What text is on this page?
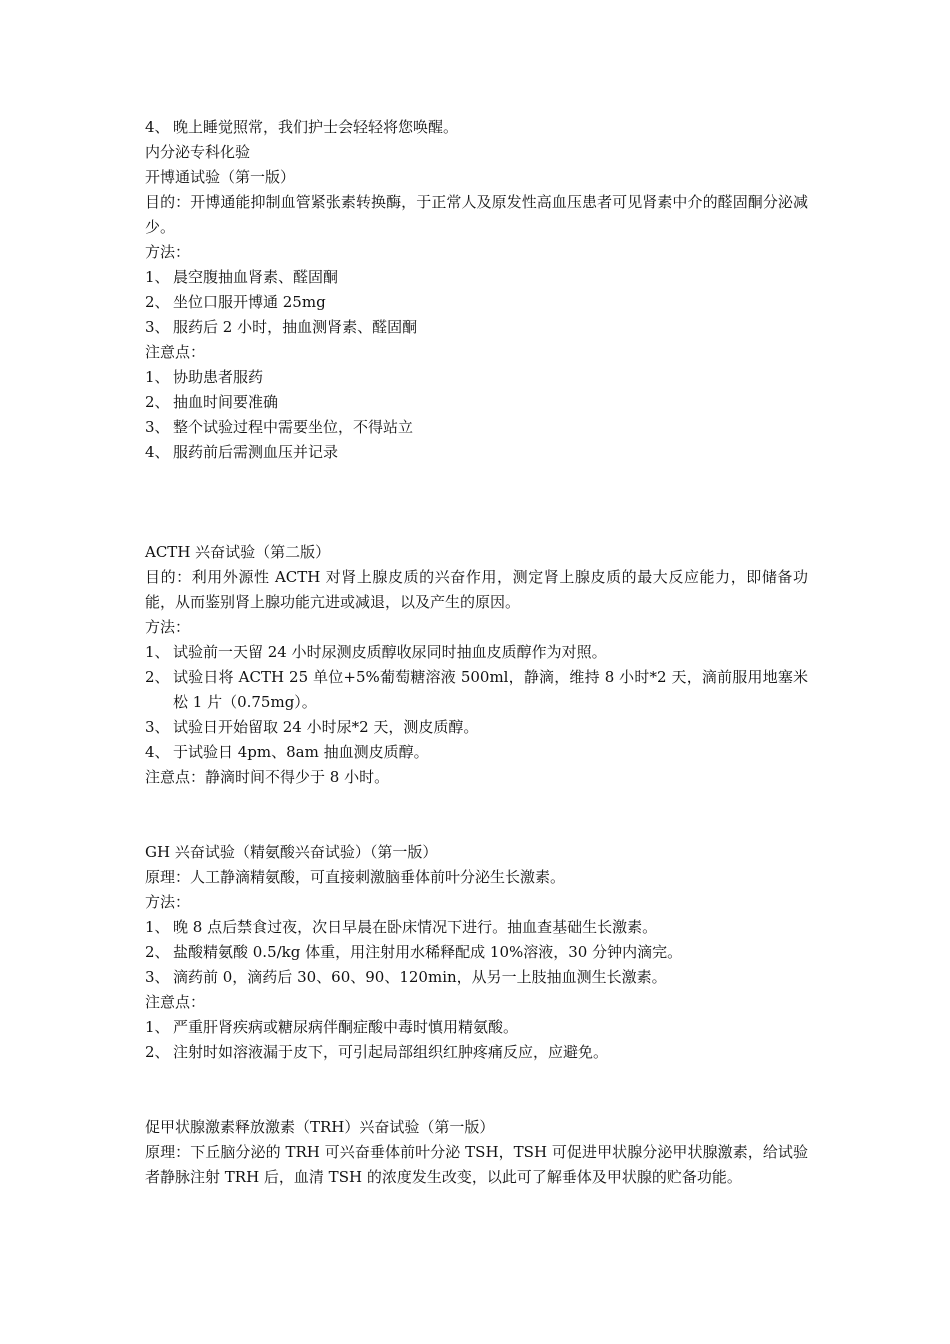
4、 晚上睡觉照常，我们护士会轻轻将您唤醒。
内分泌专科化验
开博通试验（第一版）
目的：开博通能抑制血管紧张素转换酶，于正常人及原发性高血压患者可见肾素中介的醛固酮分泌减少。
方法：
1、 晨空腹抽血肾素、醛固酮
2、 坐位口服开博通 25mg
3、 服药后 2 小时，抽血测肾素、醛固酮
注意点：
1、 协助患者服药
2、 抽血时间要准确
3、 整个试验过程中需要坐位，不得站立
4、 服药前后需测血压并记录
ACTH 兴奋试验（第二版）
目的：利用外源性 ACTH 对肾上腺皮质的兴奋作用，测定肾上腺皮质的最大反应能力，即储备功能，从而鉴别肾上腺功能亢进或减退，以及产生的原因。
方法：
1、 试验前一天留 24 小时尿测皮质醇收尿同时抽血皮质醇作为对照。
2、 试验日将 ACTH 25 单位+5%葡萄糖溶液 500ml，静滴，维持 8 小时*2 天，滴前服用地塞米松 1 片（0.75mg）。
3、 试验日开始留取 24 小时尿*2 天，测皮质醇。
4、 于试验日 4pm、8am 抽血测皮质醇。
注意点：静滴时间不得少于 8 小时。
GH 兴奋试验（精氨酸兴奋试验）（第一版）
原理：人工静滴精氨酸，可直接刺激脑垂体前叶分泌生长激素。
方法：
1、 晚 8 点后禁食过夜，次日早晨在卧床情况下进行。抽血查基础生长激素。
2、 盐酸精氨酸 0.5/kg 体重，用注射用水稀释配成 10%溶液，30 分钟内滴完。
3、 滴药前 0，滴药后 30、60、90、120min，从另一上肢抽血测生长激素。
注意点：
1、 严重肝肾疾病或糖尿病伴酮症酸中毒时慎用精氨酸。
2、 注射时如溶液漏于皮下，可引起局部组织红肿疼痛反应，应避免。
促甲状腺激素释放激素（TRH）兴奋试验（第一版）
原理：下丘脑分泌的 TRH 可兴奋垂体前叶分泌 TSH，TSH 可促进甲状腺分泌甲状腺激素，给试验者静脉注射 TRH 后，血清 TSH 的浓度发生改变，以此可了解垂体及甲状腺的贮备功能。
